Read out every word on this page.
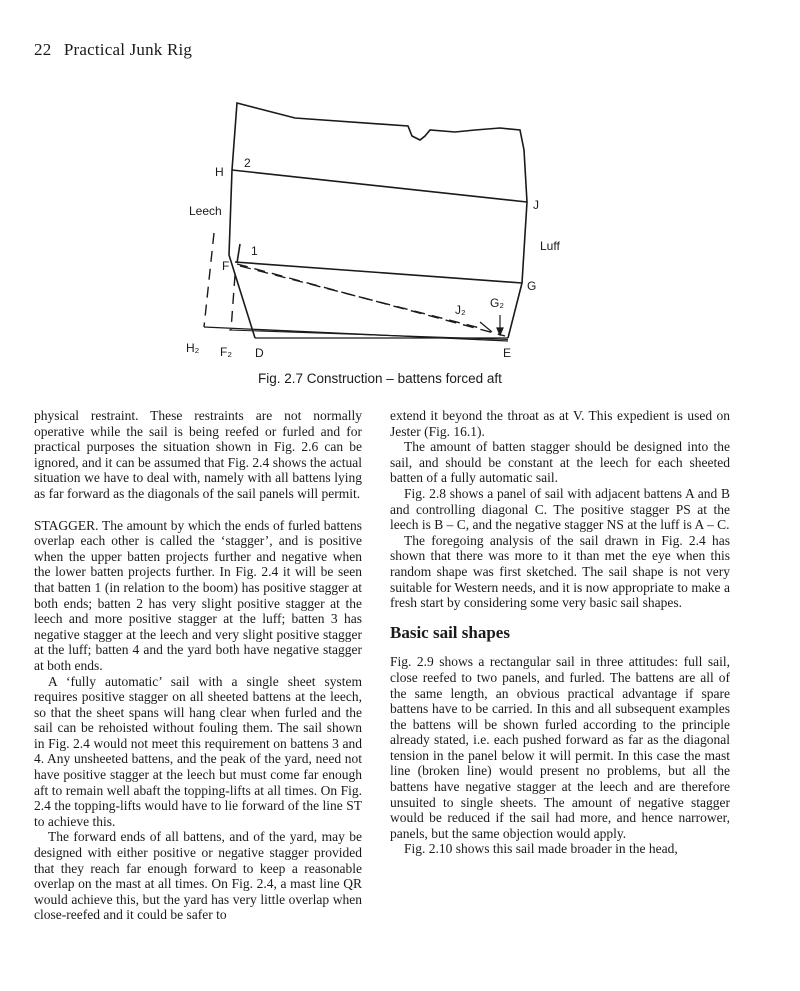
22 Practical Junk Rig
H
2
Leech	J
Luff
F
1
G
G₂
J₂
H₂ F₂ D	E
Fig. 2.7 Construction – battens forced aft

physical restraint. These restraints are not normally operative while the sail is being reefed or furled and for practical purposes the situation shown in Fig. 2.6 can be ignored, and it can be assumed that Fig. 2.4 shows the actual situation we have to deal with, namely with all battens lying as far forward as the diagonals of the sail panels will permit.

STAGGER. The amount by which the ends of furled battens overlap each other is called the ‘stagger’, and is positive when the upper batten projects further and negative when the lower batten projects further. In Fig. 2.4 it will be seen that batten 1 (in relation to the boom) has positive stagger at both ends; batten 2 has very slight positive stagger at the leech and more positive stagger at the luff; batten 3 has negative stagger at the leech and very slight positive stagger at the luff; batten 4 and the yard both have negative stagger at both ends.

A ‘fully automatic’ sail with a single sheet system requires positive stagger on all sheeted battens at the leech, so that the sheet spans will hang clear when furled and the sail can be rehoisted without fouling them. The sail shown in Fig. 2.4 would not meet this requirement on battens 3 and 4. Any unsheeted battens, and the peak of the yard, need not have positive stagger at the leech but must come far enough aft to remain well abaft the topping-lifts at all times. On Fig. 2.4 the topping-lifts would have to lie forward of the line ST to achieve this.

The forward ends of all battens, and of the yard, may be designed with either positive or negative stagger provided that they reach far enough forward to keep a reasonable overlap on the mast at all times. On Fig. 2.4, a mast line QR would achieve this, but the yard has very little overlap when close-reefed and it could be safer to

extend it beyond the throat as at V. This expedient is used on Jester (Fig. 16.1).

The amount of batten stagger should be designed into the sail, and should be constant at the leech for each sheeted batten of a fully automatic sail.

Fig. 2.8 shows a panel of sail with adjacent battens A and B and controlling diagonal C. The positive stagger PS at the leech is B – C, and the negative stagger NS at the luff is A – C.

The foregoing analysis of the sail drawn in Fig. 2.4 has shown that there was more to it than met the eye when this random shape was first sketched. The sail shape is not very suitable for Western needs, and it is now appropriate to make a fresh start by considering some very basic sail shapes.

Basic sail shapes

Fig. 2.9 shows a rectangular sail in three attitudes: full sail, close reefed to two panels, and furled. The battens are all of the same length, an obvious practical advantage if spare battens have to be carried. In this and all subsequent examples the battens will be shown furled according to the principle already stated, i.e. each pushed forward as far as the diagonal tension in the panel below it will permit. In this case the mast line (broken line) would present no problems, but all the battens have negative stagger at the leech and are therefore unsuited to single sheets. The amount of negative stagger would be reduced if the sail had more, and hence narrower, panels, but the same objection would apply.

Fig. 2.10 shows this sail made broader in the head,
